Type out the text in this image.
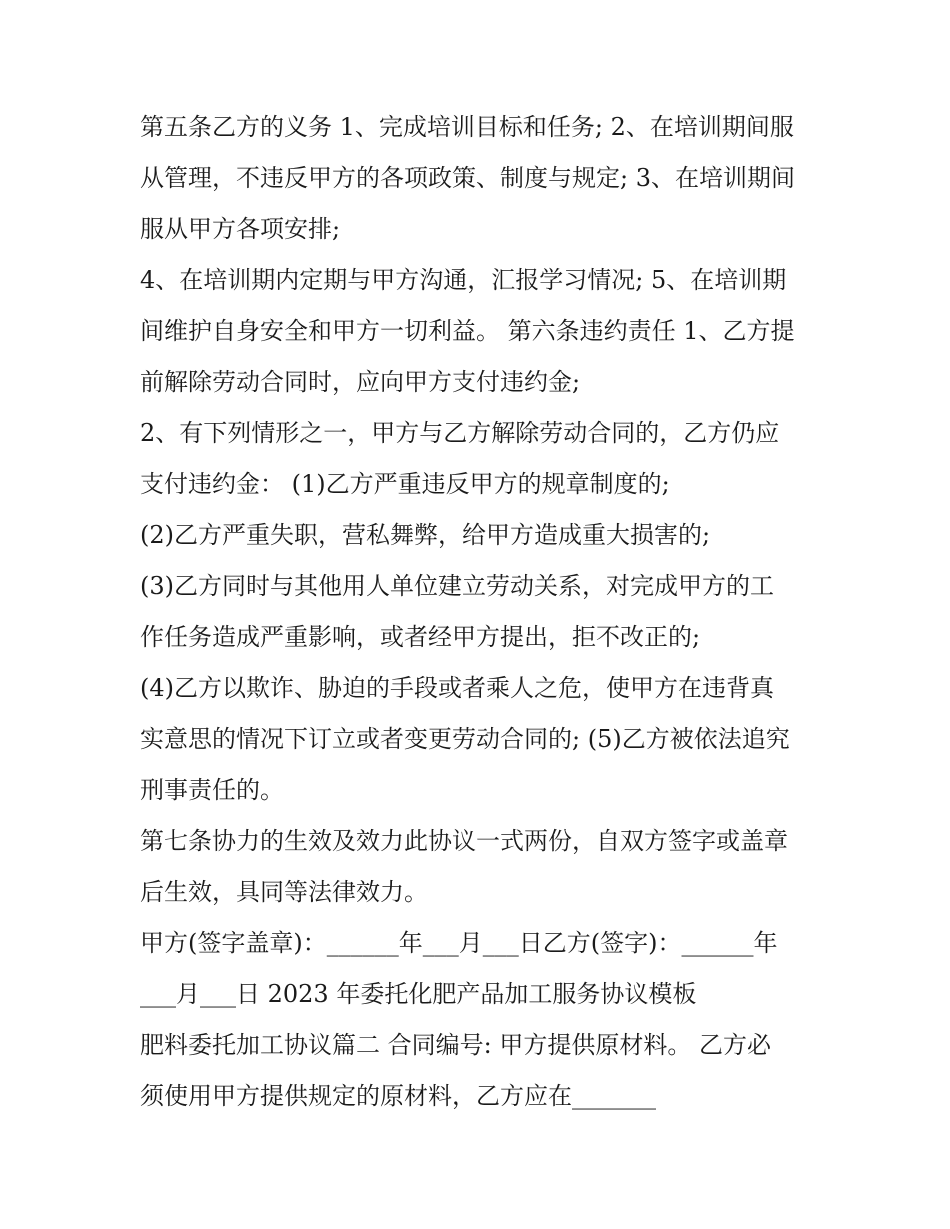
第五条乙方的义务 1、完成培训目标和任务; 2、在培训期间服
从管理，不违反甲方的各项政策、制度与规定; 3、在培训期间
服从甲方各项安排;
4、在培训期内定期与甲方沟通，汇报学习情况; 5、在培训期
间维护自身安全和甲方一切利益。 第六条违约责任 1、乙方提
前解除劳动合同时，应向甲方支付违约金;
2、有下列情形之一，甲方与乙方解除劳动合同的，乙方仍应
支付违约金： (1)乙方严重违反甲方的规章制度的;
(2)乙方严重失职，营私舞弊，给甲方造成重大损害的;
(3)乙方同时与其他用人单位建立劳动关系，对完成甲方的工
作任务造成严重影响，或者经甲方提出，拒不改正的;
(4)乙方以欺诈、胁迫的手段或者乘人之危，使甲方在违背真
实意思的情况下订立或者变更劳动合同的; (5)乙方被依法追究
刑事责任的。
第七条协力的生效及效力此协议一式两份，自双方签字或盖章
后生效，具同等法律效力。
甲方(签字盖章)：______年___月___日乙方(签字)：______年
___月___日 2023 年委托化肥产品加工服务协议模板
肥料委托加工协议篇二 合同编号: 甲方提供原材料。 乙方必
须使用甲方提供规定的原材料，乙方应在_______
